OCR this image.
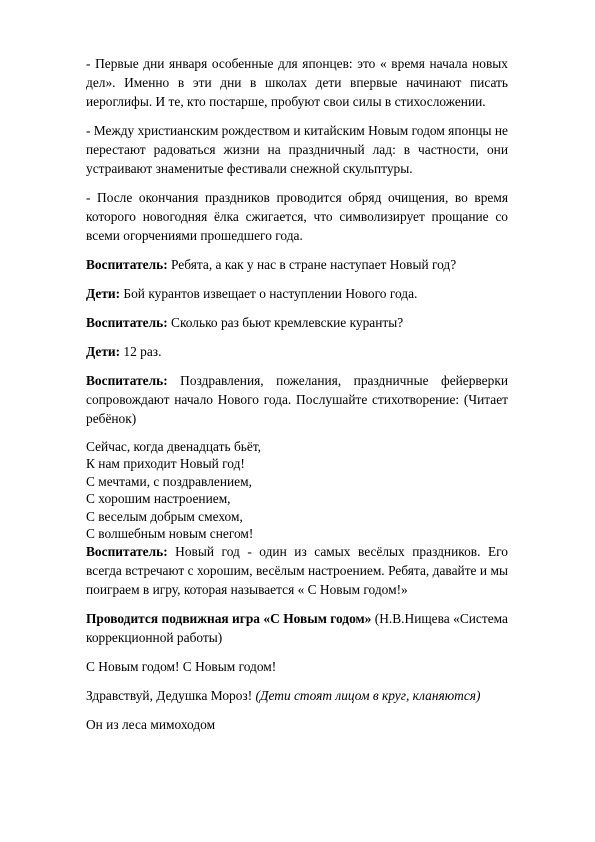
- Первые дни января особенные для японцев: это « время начала новых дел». Именно в эти дни в школах дети впервые начинают писать иероглифы. И те, кто постарше, пробуют свои силы в стихосложении.

- Между христианским рождеством и китайским Новым годом японцы не перестают радоваться жизни на праздничный лад: в частности, они устраивают знаменитые фестивали снежной скульптуры.

- После окончания праздников проводится обряд очищения, во время которого новогодняя ёлка сжигается, что символизирует прощание со всеми огорчениями прошедшего года.

Воспитатель: Ребята, а как у нас в стране наступает Новый год?

Дети: Бой курантов извещает о наступлении Нового года.

Воспитатель: Сколько раз бьют кремлевские куранты?

Дети: 12 раз.

Воспитатель: Поздравления, пожелания, праздничные фейерверки сопровождают начало Нового года. Послушайте стихотворение: (Читает ребёнок)

Сейчас, когда двенадцать бьёт,
К нам приходит Новый год!
С мечтами, с поздравлением,
С хорошим настроением,
С веселым добрым смехом,
С волшебным новым снегом!

Воспитатель: Новый год - один из самых весёлых праздников. Его всегда встречают с хорошим, весёлым настроением. Ребята, давайте и мы поиграем в игру, которая называется « С Новым годом!»

Проводится подвижная игра «С Новым годом» (Н.В.Нищева «Система коррекционной работы)

С Новым годом! С Новым годом!

Здравствуй, Дедушка Мороз! (Дети стоят лицом в круг, кланяются)

Он из леса мимоходом
